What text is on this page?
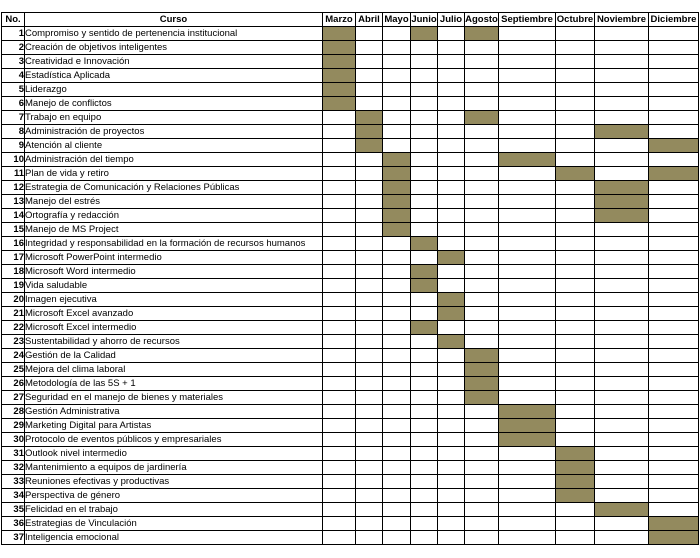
No.	Curso	Marzo	Abril	Mayo	Junio	Julio	Agosto	Septiembre	Octubre	Noviembre	Diciembre
1	Compromiso y sentido de pertenencia institucional										
2	Creación de objetivos inteligentes										
3	Creatividad e Innovación										
4	Estadística Aplicada										
5	Liderazgo										
6	Manejo de conflictos										
7	Trabajo en equipo										
8	Administración de proyectos										
9	Atención al cliente										
10	Administración del tiempo										
11	Plan de vida y retiro										
12	Estrategia de Comunicación y Relaciones Públicas										
13	Manejo del estrés										
14	Ortografía y redacción										
15	Manejo de MS Project										
16	Integridad y responsabilidad en la formación de recursos humanos										
17	Microsoft PowerPoint intermedio										
18	Microsoft Word intermedio										
19	Vida saludable										
20	Imagen ejecutiva										
21	Microsoft Excel avanzado										
22	Microsoft Excel intermedio										
23	Sustentabilidad y ahorro de recursos										
24	Gestión de la Calidad										
25	Mejora del clima laboral										
26	Metodología de las 5S + 1										
27	Seguridad en el manejo de bienes y materiales										
28	Gestión Administrativa										
29	Marketing Digital para Artistas										
30	Protocolo de eventos públicos y empresariales										
31	Outlook nivel intermedio										
32	Mantenimiento a equipos de jardinería										
33	Reuniones efectivas y productivas										
34	Perspectiva de género										
35	Felicidad en el trabajo										
36	Estrategias de Vinculación										
37	Inteligencia emocional										
